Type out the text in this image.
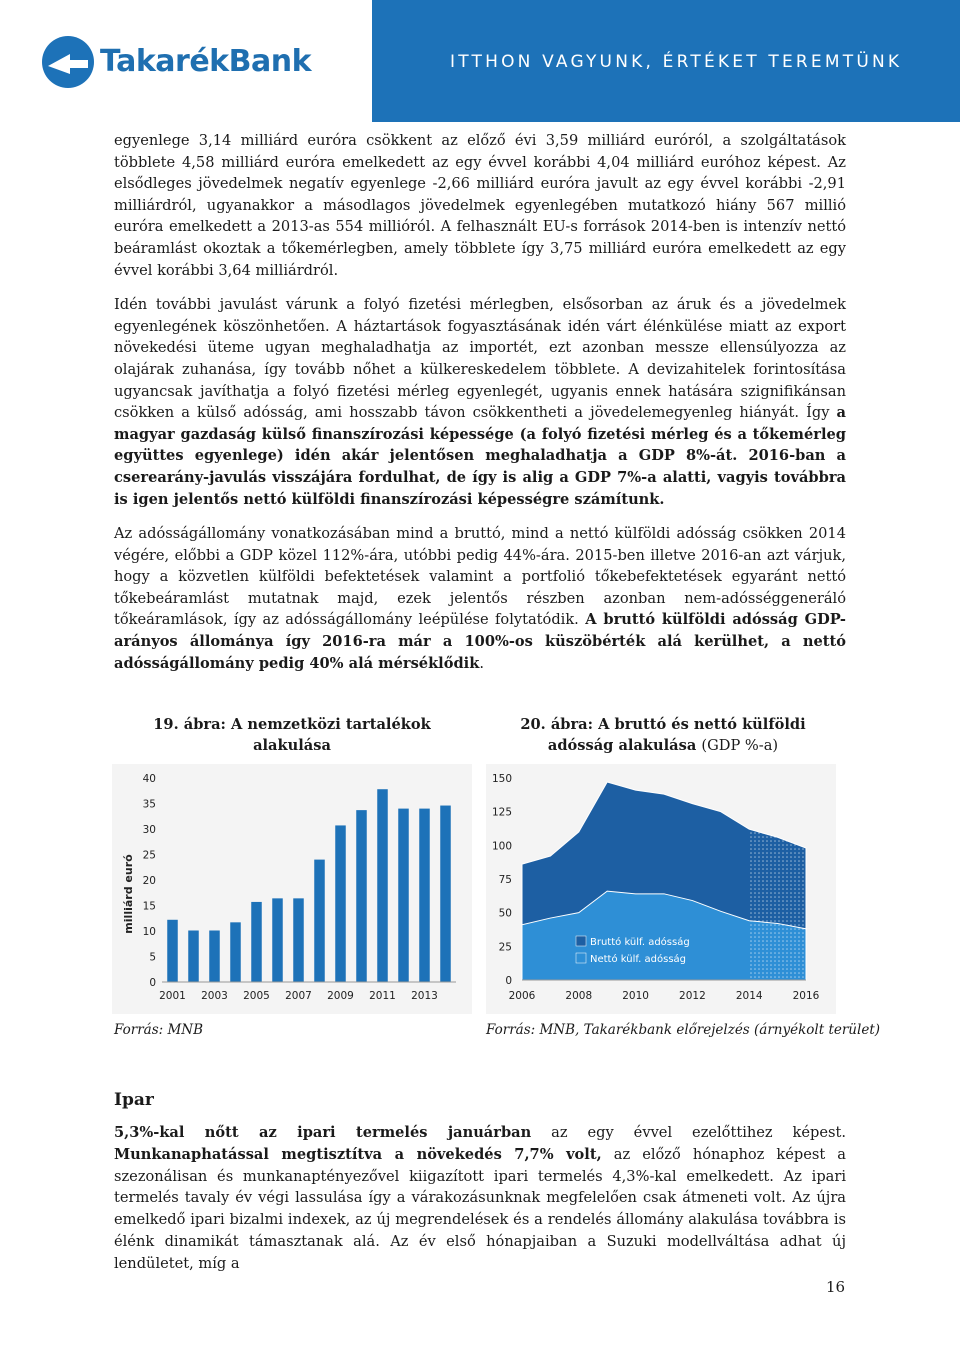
TakarékBank	ITTHON VAGYUNK, ÉRTÉKET TEREMTÜNK

egyenlege 3,14 milliárd euróra csökkent az előző évi 3,59 milliárd euróról, a szolgáltatások többlete 4,58 milliárd euróra emelkedett az egy évvel korábbi 4,04 milliárd euróhoz képest. Az elsődleges jövedelmek negatív egyenlege -2,66 milliárd euróra javult az egy évvel korábbi -2,91 milliárdról, ugyanakkor a másodlagos jövedelmek egyenlegében mutatkozó hiány 567 millió euróra emelkedett a 2013-as 554 millióról. A felhasznált EU-s források 2014-ben is intenzív nettó beáramlást okoztak a tőkemérlegben, amely többlete így 3,75 milliárd euróra emelkedett az egy évvel korábbi 3,64 milliárdról.

Idén további javulást várunk a folyó fizetési mérlegben, elsősorban az áruk és a jövedelmek egyenlegének köszönhetően. A háztartások fogyasztásának idén várt élénkülése miatt az export növekedési üteme ugyan meghaladhatja az importét, ezt azonban messze ellensúlyozza az olajárak zuhanása, így tovább nőhet a külkereskedelem többlete. A devizahitelek forintosítása ugyancsak javíthatja a folyó fizetési mérleg egyenlegét, ugyanis ennek hatására szignifikánsan csökken a külső adósság, ami hosszabb távon csökkentheti a jövedelemegyenleg hiányát. Így a magyar gazdaság külső finanszírozási képessége (a folyó fizetési mérleg és a tőkemérleg együttes egyenlege) idén akár jelentősen meghaladhatja a GDP 8%-át. 2016-ban a cserearány-javulás visszájára fordulhat, de így is alig a GDP 7%-a alatti, vagyis továbbra is igen jelentős nettó külföldi finanszírozási képességre számítunk.

Az adósságállomány vonatkozásában mind a bruttó, mind a nettó külföldi adósság csökken 2014 végére, előbbi a GDP közel 112%-ára, utóbbi pedig 44%-ára. 2015-ben illetve 2016-an azt várjuk, hogy a közvetlen külföldi befektetések valamint a portfolió tőkebefektetések egyaránt nettó tőkebeáramlást mutatnak majd, ezek jelentős részben azonban nem-adósséggeneráló tőkeáramlások, így az adósságállomány leépülése folytatódik. A bruttó külföldi adósság GDP-arányos állománya így 2016-ra már a 100%-os küszöbérték alá kerülhet, a nettó adósságállomány pedig 40% alá mérséklődik.

19. ábra: A nemzetközi tartalékok alakulása
20. ábra: A bruttó és nettó külföldi adósság alakulása (GDP %-a)
0
5
10
15
20
25
30
35
40
2001 2003 2005 2007 2009 2011 2013
milliárd euró
0
25
50
75
100
125
150
2006	2008	2010	2012	2014	2016
Bruttó külf. adósság
Nettó külf. adósság
Forrás: MNB	Forrás: MNB, Takarékbank előrejelzés (árnyékolt terület)
Ipar

5,3%-kal nőtt az ipari termelés januárban az egy évvel ezelőttihez képest. Munkanaphatással megtisztítva a növekedés 7,7% volt, az előző hónaphoz képest a szezonálisan és munkanaptényezővel kiigazított ipari termelés 4,3%-kal emelkedett. Az ipari termelés tavaly év végi lassulása így a várakozásunknak megfelelően csak átmeneti volt. Az újra emelkedő ipari bizalmi indexek, az új megrendelések és a rendelés állomány alakulása továbbra is élénk dinamikát támasztanak alá. Az év első hónapjaiban a Suzuki modellváltása adhat új lendületet, míg a

16
